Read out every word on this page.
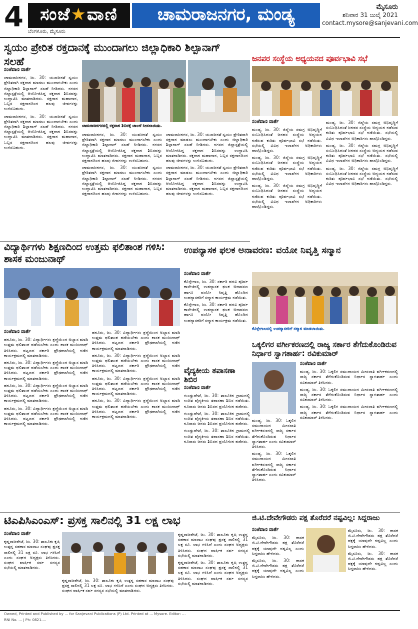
4 ಸಂಜೆ★ವಾಣಿ	ಚಾಮರಾಜನಗರ, ಮಂಡ್ಯ
ಬೆಂಗಳೂರು, ಮೈಸೂರು
ಮೈಸೂರು
ಶನಿವಾರ 31 ಜುಲೈ 2021
contact.mysore@sanjevani.com
ಸ್ವಯಂ ಪ್ರೇರಿತ ರಕ್ತದಾನಕ್ಕೆ ಮುಂದಾಗಲು ಜಿಲ್ಲಾಧಿಕಾರಿ ಶಿಲ್ಪಾನಾಗ್ ಸಲಹೆ

ಸಂಜೆವಾಣಿ ವಾರ್ತೆ

ಚಾಮರಾಜನಗರ, ಜು. 30: ಯುವಜನತೆ ಸ್ವಯಂ ಪ್ರೇರಿತರಾಗಿ ರಕ್ತದಾನ ಮಾಡಲು ಮುಂದಾಗಬೇಕು ಎಂದು ಜಿಲ್ಲಾಧಿಕಾರಿ ಶಿಲ್ಪಾನಾಗ್ ಸಲಹೆ ನೀಡಿದರು. ನಗರದ ಜಿಲ್ಲಾಸ್ಪತ್ರೆಯಲ್ಲಿ ಆಯೋಜಿಸಿದ್ದ ರಕ್ತದಾನ ಶಿಬಿರವನ್ನು ಉದ್ಘಾಟಿಸಿ ಮಾತನಾಡಿದರು. ರಕ್ತದಾನ ಮಹಾದಾನ, ಒಬ್ಬರ ರಕ್ತದಾನದಿಂದ ಹಲವು ಜೀವಗಳನ್ನು ಉಳಿಸಬಹುದು.

ಚಾಮರಾಜನಗರ, ಜು. 30: ಯುವಜನತೆ ಸ್ವಯಂ ಪ್ರೇರಿತರಾಗಿ ರಕ್ತದಾನ ಮಾಡಲು ಮುಂದಾಗಬೇಕು ಎಂದು ಜಿಲ್ಲಾಧಿಕಾರಿ ಶಿಲ್ಪಾನಾಗ್ ಸಲಹೆ ನೀಡಿದರು. ನಗರದ ಜಿಲ್ಲಾಸ್ಪತ್ರೆಯಲ್ಲಿ ಆಯೋಜಿಸಿದ್ದ ರಕ್ತದಾನ ಶಿಬಿರವನ್ನು ಉದ್ಘಾಟಿಸಿ ಮಾತನಾಡಿದರು. ರಕ್ತದಾನ ಮಹಾದಾನ, ಒಬ್ಬರ ರಕ್ತದಾನದಿಂದ ಹಲವು ಜೀವಗಳನ್ನು ಉಳಿಸಬಹುದು.

ಚಾಮರಾಜನಗರದಲ್ಲಿ ರಕ್ತದಾನ ಶಿಬಿರಕ್ಕೆ ಚಾಲನೆ ನೀಡಲಾಯಿತು.

ಚಾಮರಾಜನಗರ, ಜು. 30: ಯುವಜನತೆ ಸ್ವಯಂ ಪ್ರೇರಿತರಾಗಿ ರಕ್ತದಾನ ಮಾಡಲು ಮುಂದಾಗಬೇಕು ಎಂದು ಜಿಲ್ಲಾಧಿಕಾರಿ ಶಿಲ್ಪಾನಾಗ್ ಸಲಹೆ ನೀಡಿದರು. ನಗರದ ಜಿಲ್ಲಾಸ್ಪತ್ರೆಯಲ್ಲಿ ಆಯೋಜಿಸಿದ್ದ ರಕ್ತದಾನ ಶಿಬಿರವನ್ನು ಉದ್ಘಾಟಿಸಿ ಮಾತನಾಡಿದರು. ರಕ್ತದಾನ ಮಹಾದಾನ, ಒಬ್ಬರ ರಕ್ತದಾನದಿಂದ ಹಲವು ಜೀವಗಳನ್ನು ಉಳಿಸಬಹುದು.

ಚಾಮರಾಜನಗರ, ಜು. 30: ಯುವಜನತೆ ಸ್ವಯಂ ಪ್ರೇರಿತರಾಗಿ ರಕ್ತದಾನ ಮಾಡಲು ಮುಂದಾಗಬೇಕು ಎಂದು ಜಿಲ್ಲಾಧಿಕಾರಿ ಶಿಲ್ಪಾನಾಗ್ ಸಲಹೆ ನೀಡಿದರು. ನಗರದ ಜಿಲ್ಲಾಸ್ಪತ್ರೆಯಲ್ಲಿ ಆಯೋಜಿಸಿದ್ದ ರಕ್ತದಾನ ಶಿಬಿರವನ್ನು ಉದ್ಘಾಟಿಸಿ ಮಾತನಾಡಿದರು. ರಕ್ತದಾನ ಮಹಾದಾನ, ಒಬ್ಬರ ರಕ್ತದಾನದಿಂದ ಹಲವು ಜೀವಗಳನ್ನು ಉಳಿಸಬಹುದು.

ಚಾಮರಾಜನಗರ, ಜು. 30: ಯುವಜನತೆ ಸ್ವಯಂ ಪ್ರೇರಿತರಾಗಿ ರಕ್ತದಾನ ಮಾಡಲು ಮುಂದಾಗಬೇಕು ಎಂದು ಜಿಲ್ಲಾಧಿಕಾರಿ ಶಿಲ್ಪಾನಾಗ್ ಸಲಹೆ ನೀಡಿದರು. ನಗರದ ಜಿಲ್ಲಾಸ್ಪತ್ರೆಯಲ್ಲಿ ಆಯೋಜಿಸಿದ್ದ ರಕ್ತದಾನ ಶಿಬಿರವನ್ನು ಉದ್ಘಾಟಿಸಿ ಮಾತನಾಡಿದರು. ರಕ್ತದಾನ ಮಹಾದಾನ, ಒಬ್ಬರ ರಕ್ತದಾನದಿಂದ ಹಲವು ಜೀವಗಳನ್ನು ಉಳಿಸಬಹುದು.

ಚಾಮರಾಜನಗರ, ಜು. 30: ಯುವಜನತೆ ಸ್ವಯಂ ಪ್ರೇರಿತರಾಗಿ ರಕ್ತದಾನ ಮಾಡಲು ಮುಂದಾಗಬೇಕು ಎಂದು ಜಿಲ್ಲಾಧಿಕಾರಿ ಶಿಲ್ಪಾನಾಗ್ ಸಲಹೆ ನೀಡಿದರು. ನಗರದ ಜಿಲ್ಲಾಸ್ಪತ್ರೆಯಲ್ಲಿ ಆಯೋಜಿಸಿದ್ದ ರಕ್ತದಾನ ಶಿಬಿರವನ್ನು ಉದ್ಘಾಟಿಸಿ ಮಾತನಾಡಿದರು. ರಕ್ತದಾನ ಮಹಾದಾನ, ಒಬ್ಬರ ರಕ್ತದಾನದಿಂದ ಹಲವು ಜೀವಗಳನ್ನು ಉಳಿಸಬಹುದು.

ಜನಪರ ಸಂಸ್ಥೆಯ ಅಧ್ಯಯನದ ಪೂರ್ವಭಾವಿ ಸಭೆ

ಸಂಜೆವಾಣಿ ವಾರ್ತೆ

ಮಂಡ್ಯ, ಜು. 30: ಜಿಲ್ಲೆಯ ಸಮಗ್ರ ಅಭಿವೃದ್ಧಿಗೆ ಸಂಬಂಧಿಸಿದಂತೆ ಜನಪರ ಸಂಸ್ಥೆಯ ಅಧ್ಯಯನ ನಡೆಸುವ ಕುರಿತು ಪೂರ್ವಭಾವಿ ಸಭೆ ನಡೆಯಿತು. ಸಭೆಯಲ್ಲಿ ವಿವಿಧ ಇಲಾಖೆಗಳ ಅಧಿಕಾರಿಗಳು ಪಾಲ್ಗೊಂಡಿದ್ದರು.

ಮಂಡ್ಯ, ಜು. 30: ಜಿಲ್ಲೆಯ ಸಮಗ್ರ ಅಭಿವೃದ್ಧಿಗೆ ಸಂಬಂಧಿಸಿದಂತೆ ಜನಪರ ಸಂಸ್ಥೆಯ ಅಧ್ಯಯನ ನಡೆಸುವ ಕುರಿತು ಪೂರ್ವಭಾವಿ ಸಭೆ ನಡೆಯಿತು. ಸಭೆಯಲ್ಲಿ ವಿವಿಧ ಇಲಾಖೆಗಳ ಅಧಿಕಾರಿಗಳು ಪಾಲ್ಗೊಂಡಿದ್ದರು.

ಮಂಡ್ಯ, ಜು. 30: ಜಿಲ್ಲೆಯ ಸಮಗ್ರ ಅಭಿವೃದ್ಧಿಗೆ ಸಂಬಂಧಿಸಿದಂತೆ ಜನಪರ ಸಂಸ್ಥೆಯ ಅಧ್ಯಯನ ನಡೆಸುವ ಕುರಿತು ಪೂರ್ವಭಾವಿ ಸಭೆ ನಡೆಯಿತು. ಸಭೆಯಲ್ಲಿ ವಿವಿಧ ಇಲಾಖೆಗಳ ಅಧಿಕಾರಿಗಳು ಪಾಲ್ಗೊಂಡಿದ್ದರು.

ಮಂಡ್ಯ, ಜು. 30: ಜಿಲ್ಲೆಯ ಸಮಗ್ರ ಅಭಿವೃದ್ಧಿಗೆ ಸಂಬಂಧಿಸಿದಂತೆ ಜನಪರ ಸಂಸ್ಥೆಯ ಅಧ್ಯಯನ ನಡೆಸುವ ಕುರಿತು ಪೂರ್ವಭಾವಿ ಸಭೆ ನಡೆಯಿತು. ಸಭೆಯಲ್ಲಿ ವಿವಿಧ ಇಲಾಖೆಗಳ ಅಧಿಕಾರಿಗಳು ಪಾಲ್ಗೊಂಡಿದ್ದರು.

ಮಂಡ್ಯ, ಜು. 30: ಜಿಲ್ಲೆಯ ಸಮಗ್ರ ಅಭಿವೃದ್ಧಿಗೆ ಸಂಬಂಧಿಸಿದಂತೆ ಜನಪರ ಸಂಸ್ಥೆಯ ಅಧ್ಯಯನ ನಡೆಸುವ ಕುರಿತು ಪೂರ್ವಭಾವಿ ಸಭೆ ನಡೆಯಿತು. ಸಭೆಯಲ್ಲಿ ವಿವಿಧ ಇಲಾಖೆಗಳ ಅಧಿಕಾರಿಗಳು ಪಾಲ್ಗೊಂಡಿದ್ದರು.

ಮಂಡ್ಯ, ಜು. 30: ಜಿಲ್ಲೆಯ ಸಮಗ್ರ ಅಭಿವೃದ್ಧಿಗೆ ಸಂಬಂಧಿಸಿದಂತೆ ಜನಪರ ಸಂಸ್ಥೆಯ ಅಧ್ಯಯನ ನಡೆಸುವ ಕುರಿತು ಪೂರ್ವಭಾವಿ ಸಭೆ ನಡೆಯಿತು. ಸಭೆಯಲ್ಲಿ ವಿವಿಧ ಇಲಾಖೆಗಳ ಅಧಿಕಾರಿಗಳು ಪಾಲ್ಗೊಂಡಿದ್ದರು.

ವಿದ್ಯಾರ್ಥಿಗಳು ಶಿಕ್ಷಣದಿಂದ ಉತ್ತಮ ಫಲಿತಾಂಶ ಗಳಿಸಿ: ಶಾಸಕ ಮಂಜುನಾಥ್

ಸಂಜೆವಾಣಿ ವಾರ್ತೆ

ಹನೂರು, ಜು. 30: ವಿದ್ಯಾರ್ಥಿಗಳು ಶ್ರದ್ಧೆಯಿಂದ ಅಭ್ಯಾಸ ಮಾಡಿ ಉತ್ತಮ ಫಲಿತಾಂಶ ಪಡೆಯಬೇಕು ಎಂದು ಶಾಸಕ ಮಂಜುನಾಥ್ ತಿಳಿಸಿದರು. ಪಟ್ಟಣದ ಸರ್ಕಾರಿ ಪ್ರೌಢಶಾಲೆಯಲ್ಲಿ ನಡೆದ ಕಾರ್ಯಕ್ರಮದಲ್ಲಿ ಮಾತನಾಡಿದರು.

ಹನೂರು, ಜು. 30: ವಿದ್ಯಾರ್ಥಿಗಳು ಶ್ರದ್ಧೆಯಿಂದ ಅಭ್ಯಾಸ ಮಾಡಿ ಉತ್ತಮ ಫಲಿತಾಂಶ ಪಡೆಯಬೇಕು ಎಂದು ಶಾಸಕ ಮಂಜುನಾಥ್ ತಿಳಿಸಿದರು. ಪಟ್ಟಣದ ಸರ್ಕಾರಿ ಪ್ರೌಢಶಾಲೆಯಲ್ಲಿ ನಡೆದ ಕಾರ್ಯಕ್ರಮದಲ್ಲಿ ಮಾತನಾಡಿದರು.

ಹನೂರು, ಜು. 30: ವಿದ್ಯಾರ್ಥಿಗಳು ಶ್ರದ್ಧೆಯಿಂದ ಅಭ್ಯಾಸ ಮಾಡಿ ಉತ್ತಮ ಫಲಿತಾಂಶ ಪಡೆಯಬೇಕು ಎಂದು ಶಾಸಕ ಮಂಜುನಾಥ್ ತಿಳಿಸಿದರು. ಪಟ್ಟಣದ ಸರ್ಕಾರಿ ಪ್ರೌಢಶಾಲೆಯಲ್ಲಿ ನಡೆದ ಕಾರ್ಯಕ್ರಮದಲ್ಲಿ ಮಾತನಾಡಿದರು.

ಹನೂರು, ಜು. 30: ವಿದ್ಯಾರ್ಥಿಗಳು ಶ್ರದ್ಧೆಯಿಂದ ಅಭ್ಯಾಸ ಮಾಡಿ ಉತ್ತಮ ಫಲಿತಾಂಶ ಪಡೆಯಬೇಕು ಎಂದು ಶಾಸಕ ಮಂಜುನಾಥ್ ತಿಳಿಸಿದರು. ಪಟ್ಟಣದ ಸರ್ಕಾರಿ ಪ್ರೌಢಶಾಲೆಯಲ್ಲಿ ನಡೆದ ಕಾರ್ಯಕ್ರಮದಲ್ಲಿ ಮಾತನಾಡಿದರು.

ಹನೂರು, ಜು. 30: ವಿದ್ಯಾರ್ಥಿಗಳು ಶ್ರದ್ಧೆಯಿಂದ ಅಭ್ಯಾಸ ಮಾಡಿ ಉತ್ತಮ ಫಲಿತಾಂಶ ಪಡೆಯಬೇಕು ಎಂದು ಶಾಸಕ ಮಂಜುನಾಥ್ ತಿಳಿಸಿದರು. ಪಟ್ಟಣದ ಸರ್ಕಾರಿ ಪ್ರೌಢಶಾಲೆಯಲ್ಲಿ ನಡೆದ ಕಾರ್ಯಕ್ರಮದಲ್ಲಿ ಮಾತನಾಡಿದರು.

ಹನೂರು, ಜು. 30: ವಿದ್ಯಾರ್ಥಿಗಳು ಶ್ರದ್ಧೆಯಿಂದ ಅಭ್ಯಾಸ ಮಾಡಿ ಉತ್ತಮ ಫಲಿತಾಂಶ ಪಡೆಯಬೇಕು ಎಂದು ಶಾಸಕ ಮಂಜುನಾಥ್ ತಿಳಿಸಿದರು. ಪಟ್ಟಣದ ಸರ್ಕಾರಿ ಪ್ರೌಢಶಾಲೆಯಲ್ಲಿ ನಡೆದ ಕಾರ್ಯಕ್ರಮದಲ್ಲಿ ಮಾತನಾಡಿದರು.

ಹನೂರು, ಜು. 30: ವಿದ್ಯಾರ್ಥಿಗಳು ಶ್ರದ್ಧೆಯಿಂದ ಅಭ್ಯಾಸ ಮಾಡಿ ಉತ್ತಮ ಫಲಿತಾಂಶ ಪಡೆಯಬೇಕು ಎಂದು ಶಾಸಕ ಮಂಜುನಾಥ್ ತಿಳಿಸಿದರು. ಪಟ್ಟಣದ ಸರ್ಕಾರಿ ಪ್ರೌಢಶಾಲೆಯಲ್ಲಿ ನಡೆದ ಕಾರ್ಯಕ್ರಮದಲ್ಲಿ ಮಾತನಾಡಿದರು.

ಹನೂರು, ಜು. 30: ವಿದ್ಯಾರ್ಥಿಗಳು ಶ್ರದ್ಧೆಯಿಂದ ಅಭ್ಯಾಸ ಮಾಡಿ ಉತ್ತಮ ಫಲಿತಾಂಶ ಪಡೆಯಬೇಕು ಎಂದು ಶಾಸಕ ಮಂಜುನಾಥ್ ತಿಳಿಸಿದರು. ಪಟ್ಟಣದ ಸರ್ಕಾರಿ ಪ್ರೌಢಶಾಲೆಯಲ್ಲಿ ನಡೆದ ಕಾರ್ಯಕ್ರಮದಲ್ಲಿ ಮಾತನಾಡಿದರು.

ಉಪನ್ಯಾಸಕ ಫಲಕ ಅನಾವರಣ: ವಯೋ ನಿವೃತ್ತಿ ಸನ್ಮಾನ

ಸಂಜೆವಾಣಿ ವಾರ್ತೆ

ಕೊಳ್ಳೇಗಾಲ, ಜು. 30: ಸರ್ಕಾರಿ ಪದವಿ ಪೂರ್ವ ಕಾಲೇಜಿನಲ್ಲಿ ಉಪನ್ಯಾಸಕ ಫಲಕ ಅನಾವರಣ ಹಾಗೂ ವಯೋ ನಿವೃತ್ತಿ ಹೊಂದಿದ ಉಪನ್ಯಾಸಕರಿಗೆ ಸನ್ಮಾನ ಕಾರ್ಯಕ್ರಮ ನಡೆಯಿತು.

ಕೊಳ್ಳೇಗಾಲ, ಜು. 30: ಸರ್ಕಾರಿ ಪದವಿ ಪೂರ್ವ ಕಾಲೇಜಿನಲ್ಲಿ ಉಪನ್ಯಾಸಕ ಫಲಕ ಅನಾವರಣ ಹಾಗೂ ವಯೋ ನಿವೃತ್ತಿ ಹೊಂದಿದ ಉಪನ್ಯಾಸಕರಿಗೆ ಸನ್ಮಾನ ಕಾರ್ಯಕ್ರಮ ನಡೆಯಿತು.

ಕೊಳ್ಳೇಗಾಲದಲ್ಲಿ ಉಪನ್ಯಾಸಕರಿಗೆ ಸನ್ಮಾನ ಮಾಡಲಾಯಿತು.
ವೈದ್ಯಕೀಯ ತಪಾಸಣಾ ಶಿಬಿರ

ಸಂಜೆವಾಣಿ ವಾರ್ತೆ

ಗುಂಡ್ಲುಪೇಟೆ, ಜು. 30: ತಾಲೂಕಿನ ಗ್ರಾಮದಲ್ಲಿ ಉಚಿತ ವೈದ್ಯಕೀಯ ತಪಾಸಣಾ ಶಿಬಿರ ನಡೆಯಿತು. ನೂರಾರು ಜನರು ಶಿಬಿರದ ಪ್ರಯೋಜನ ಪಡೆದರು.

ಗುಂಡ್ಲುಪೇಟೆ, ಜು. 30: ತಾಲೂಕಿನ ಗ್ರಾಮದಲ್ಲಿ ಉಚಿತ ವೈದ್ಯಕೀಯ ತಪಾಸಣಾ ಶಿಬಿರ ನಡೆಯಿತು. ನೂರಾರು ಜನರು ಶಿಬಿರದ ಪ್ರಯೋಜನ ಪಡೆದರು.

ಗುಂಡ್ಲುಪೇಟೆ, ಜು. 30: ತಾಲೂಕಿನ ಗ್ರಾಮದಲ್ಲಿ ಉಚಿತ ವೈದ್ಯಕೀಯ ತಪಾಸಣಾ ಶಿಬಿರ ನಡೆಯಿತು. ನೂರಾರು ಜನರು ಶಿಬಿರದ ಪ್ರಯೋಜನ ಪಡೆದರು.

ಒಕ್ಕಲಿಗರ ವರ್ಗೀಕರಣದಲ್ಲಿ ರಾಜ್ಯ ಸರ್ಕಾರ ತೆಗೆದುಕೊಂಡಿರುವ ನಿರ್ಧಾರ ಸ್ವಾಗತಾರ್ಹ: ರವಿಕುಮಾರ್

ಸಂಜೆವಾಣಿ ವಾರ್ತೆ

ಮಂಡ್ಯ, ಜು. 30: ಒಕ್ಕಲಿಗ ಸಮುದಾಯದ ಮೀಸಲಾತಿ ವರ್ಗೀಕರಣದಲ್ಲಿ ರಾಜ್ಯ ಸರ್ಕಾರ ತೆಗೆದುಕೊಂಡಿರುವ ನಿರ್ಧಾರ ಸ್ವಾಗತಾರ್ಹ ಎಂದು ರವಿಕುಮಾರ್ ತಿಳಿಸಿದರು.

ಮಂಡ್ಯ, ಜು. 30: ಒಕ್ಕಲಿಗ ಸಮುದಾಯದ ಮೀಸಲಾತಿ ವರ್ಗೀಕರಣದಲ್ಲಿ ರಾಜ್ಯ ಸರ್ಕಾರ ತೆಗೆದುಕೊಂಡಿರುವ ನಿರ್ಧಾರ ಸ್ವಾಗತಾರ್ಹ ಎಂದು ರವಿಕುಮಾರ್ ತಿಳಿಸಿದರು.

ಮಂಡ್ಯ, ಜು. 30: ಒಕ್ಕಲಿಗ ಸಮುದಾಯದ ಮೀಸಲಾತಿ ವರ್ಗೀಕರಣದಲ್ಲಿ ರಾಜ್ಯ ಸರ್ಕಾರ ತೆಗೆದುಕೊಂಡಿರುವ ನಿರ್ಧಾರ ಸ್ವಾಗತಾರ್ಹ ಎಂದು ರವಿಕುಮಾರ್ ತಿಳಿಸಿದರು.

ಮಂಡ್ಯ, ಜು. 30: ಒಕ್ಕಲಿಗ ಸಮುದಾಯದ ಮೀಸಲಾತಿ ವರ್ಗೀಕರಣದಲ್ಲಿ ರಾಜ್ಯ ಸರ್ಕಾರ ತೆಗೆದುಕೊಂಡಿರುವ ನಿರ್ಧಾರ ಸ್ವಾಗತಾರ್ಹ ಎಂದು ರವಿಕುಮಾರ್ ತಿಳಿಸಿದರು.

ಮಂಡ್ಯ, ಜು. 30: ಒಕ್ಕಲಿಗ ಸಮುದಾಯದ ಮೀಸಲಾತಿ ವರ್ಗೀಕರಣದಲ್ಲಿ ರಾಜ್ಯ ಸರ್ಕಾರ ತೆಗೆದುಕೊಂಡಿರುವ ನಿರ್ಧಾರ ಸ್ವಾಗತಾರ್ಹ ಎಂದು ರವಿಕುಮಾರ್ ತಿಳಿಸಿದರು.

ಟಿಎಪಿಸಿಎಂಎಸ್: ಪ್ರಸಕ್ತ ಸಾಲಿನಲ್ಲಿ 31 ಲಕ್ಷ ಲಾಭ

ಸಂಜೆವಾಣಿ ವಾರ್ತೆ

ಕೃಷ್ಣರಾಜಪೇಟೆ, ಜು. 30: ತಾಲೂಕು ಕೃಷಿ ಉತ್ಪನ್ನ ಸಹಕಾರ ಮಾರಾಟ ಸಂಘವು ಪ್ರಸಕ್ತ ಸಾಲಿನಲ್ಲಿ 31 ಲಕ್ಷ ರೂ. ಲಾಭ ಗಳಿಸಿದೆ ಎಂದು ಸಂಘದ ಅಧ್ಯಕ್ಷರು ತಿಳಿಸಿದರು. ಸಂಘದ ವಾರ್ಷಿಕ ಸರ್ವ ಸದಸ್ಯರ ಸಭೆಯಲ್ಲಿ ಮಾತನಾಡಿದರು.

ಕೃಷ್ಣರಾಜಪೇಟೆ, ಜು. 30: ತಾಲೂಕು ಕೃಷಿ ಉತ್ಪನ್ನ ಸಹಕಾರ ಮಾರಾಟ ಸಂಘವು ಪ್ರಸಕ್ತ ಸಾಲಿನಲ್ಲಿ 31 ಲಕ್ಷ ರೂ. ಲಾಭ ಗಳಿಸಿದೆ ಎಂದು ಸಂಘದ ಅಧ್ಯಕ್ಷರು ತಿಳಿಸಿದರು. ಸಂಘದ ವಾರ್ಷಿಕ ಸರ್ವ ಸದಸ್ಯರ ಸಭೆಯಲ್ಲಿ ಮಾತನಾಡಿದರು.

ಕೃಷ್ಣರಾಜಪೇಟೆ, ಜು. 30: ತಾಲೂಕು ಕೃಷಿ ಉತ್ಪನ್ನ ಸಹಕಾರ ಮಾರಾಟ ಸಂಘವು ಪ್ರಸಕ್ತ ಸಾಲಿನಲ್ಲಿ 31 ಲಕ್ಷ ರೂ. ಲಾಭ ಗಳಿಸಿದೆ ಎಂದು ಸಂಘದ ಅಧ್ಯಕ್ಷರು ತಿಳಿಸಿದರು. ಸಂಘದ ವಾರ್ಷಿಕ ಸರ್ವ ಸದಸ್ಯರ ಸಭೆಯಲ್ಲಿ ಮಾತನಾಡಿದರು.

ಕೃಷ್ಣರಾಜಪೇಟೆ, ಜು. 30: ತಾಲೂಕು ಕೃಷಿ ಉತ್ಪನ್ನ ಸಹಕಾರ ಮಾರಾಟ ಸಂಘವು ಪ್ರಸಕ್ತ ಸಾಲಿನಲ್ಲಿ 31 ಲಕ್ಷ ರೂ. ಲಾಭ ಗಳಿಸಿದೆ ಎಂದು ಸಂಘದ ಅಧ್ಯಕ್ಷರು ತಿಳಿಸಿದರು. ಸಂಘದ ವಾರ್ಷಿಕ ಸರ್ವ ಸದಸ್ಯರ ಸಭೆಯಲ್ಲಿ ಮಾತನಾಡಿದರು.

ಜಿ.ಟಿ.ದೇವೇಗೌಡರು ಪಕ್ಷ ತೊರೆದರೆ ನಷ್ಟವಿಲ್ಲ: ಸಿದ್ದರಾಜು

ಸಂಜೆವಾಣಿ ವಾರ್ತೆ

ಮೈಸೂರು, ಜು. 30: ಶಾಸಕ ಜಿ.ಟಿ.ದೇವೇಗೌಡರು ಪಕ್ಷ ತೊರೆದರೆ ಪಕ್ಷಕ್ಕೆ ಯಾವುದೇ ನಷ್ಟವಿಲ್ಲ ಎಂದು ಸಿದ್ದರಾಜು ಹೇಳಿದರು.

ಮೈಸೂರು, ಜು. 30: ಶಾಸಕ ಜಿ.ಟಿ.ದೇವೇಗೌಡರು ಪಕ್ಷ ತೊರೆದರೆ ಪಕ್ಷಕ್ಕೆ ಯಾವುದೇ ನಷ್ಟವಿಲ್ಲ ಎಂದು ಸಿದ್ದರಾಜು ಹೇಳಿದರು.

ಮೈಸೂರು, ಜು. 30: ಶಾಸಕ ಜಿ.ಟಿ.ದೇವೇಗೌಡರು ಪಕ್ಷ ತೊರೆದರೆ ಪಕ್ಷಕ್ಕೆ ಯಾವುದೇ ನಷ್ಟವಿಲ್ಲ ಎಂದು ಸಿದ್ದರಾಜು ಹೇಳಿದರು.

ಮೈಸೂರು, ಜು. 30: ಶಾಸಕ ಜಿ.ಟಿ.ದೇವೇಗೌಡರು ಪಕ್ಷ ತೊರೆದರೆ ಪಕ್ಷಕ್ಕೆ ಯಾವುದೇ ನಷ್ಟವಿಲ್ಲ ಎಂದು ಸಿದ್ದರಾಜು ಹೇಳಿದರು.

Owned, Printed and Published by ... for Sanjevani Publications (P) Ltd. Printed at ... Mysore. Editor: ...
RNI No. ... | Ph: 0821-...
